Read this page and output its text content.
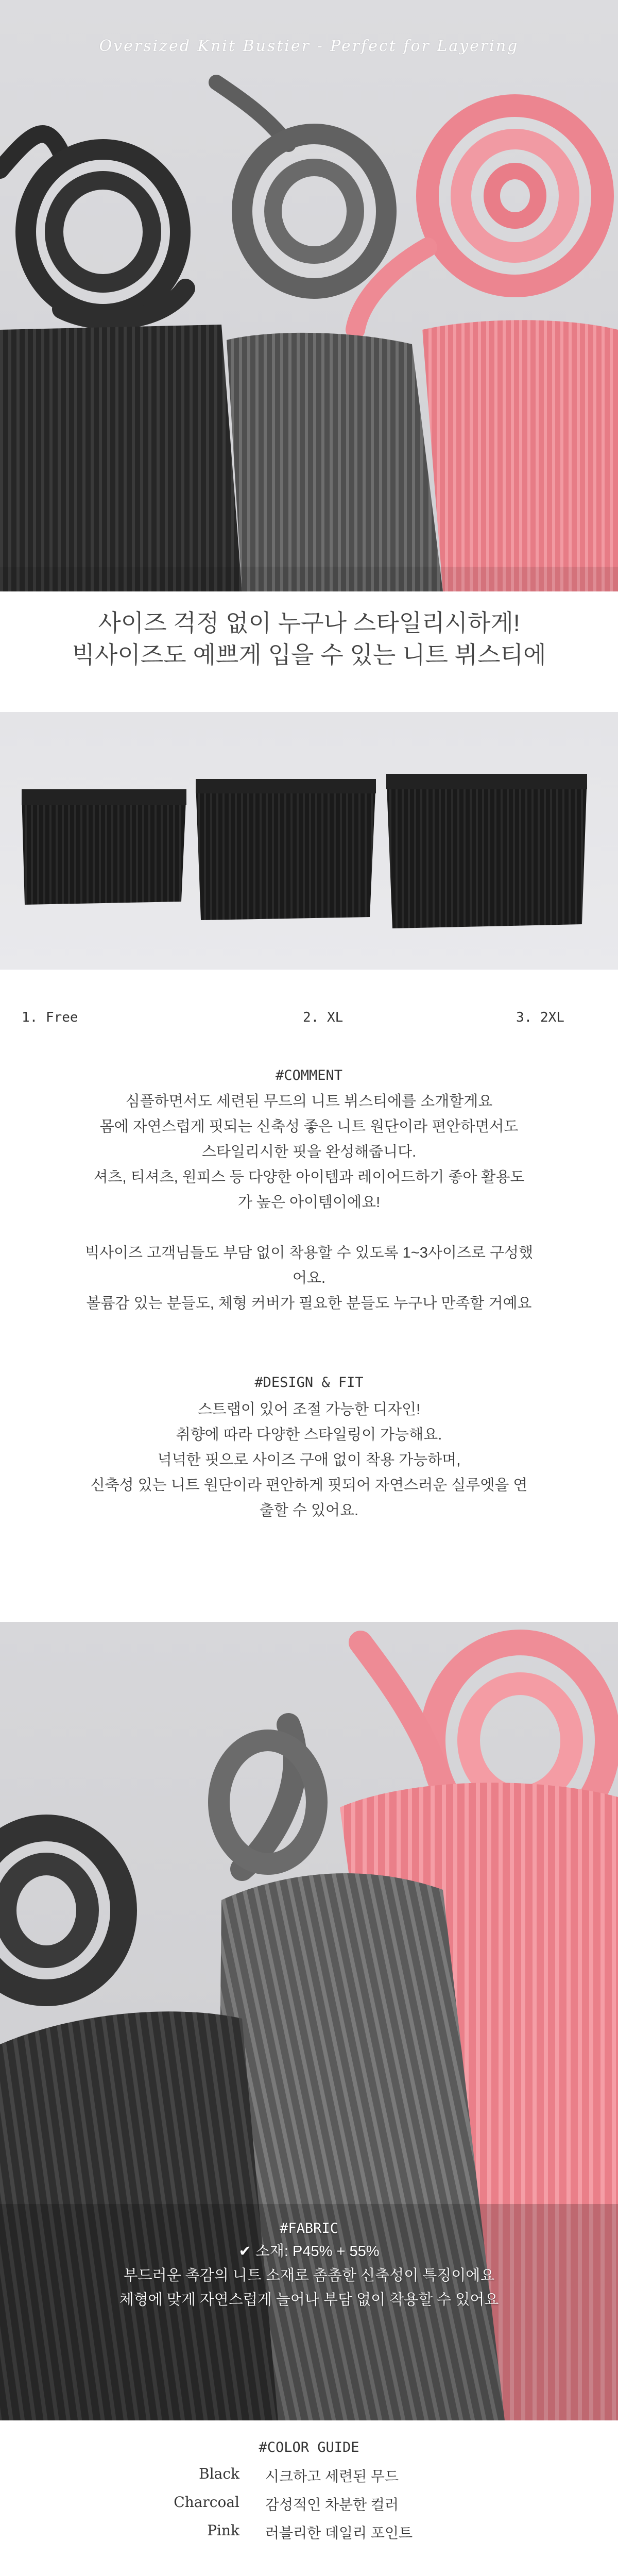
Oversized Knit Bustier - Perfect for Layering
사이즈 걱정 없이 누구나 스타일리시하게!
빅사이즈도 예쁘게 입을 수 있는 니트 뷔스티에
1. Free	2. XL	3. 2XL
#COMMENT
심플하면서도 세련된 무드의 니트 뷔스티에를 소개할게요
몸에 자연스럽게 핏되는 신축성 좋은 니트 원단이라 편안하면서도
스타일리시한 핏을 완성해줍니다.
셔츠, 티셔츠, 원피스 등 다양한 아이템과 레이어드하기 좋아 활용도
가 높은 아이템이에요!
빅사이즈 고객님들도 부담 없이 착용할 수 있도록 1~3사이즈로 구성했
어요.
볼륨감 있는 분들도, 체형 커버가 필요한 분들도 누구나 만족할 거예요
#DESIGN & FIT
스트랩이 있어 조절 가능한 디자인!
취향에 따라 다양한 스타일링이 가능해요.
넉넉한 핏으로 사이즈 구애 없이 착용 가능하며,
신축성 있는 니트 원단이라 편안하게 핏되어 자연스러운 실루엣을 연
출할 수 있어요.
#FABRIC
✔ 소재: P45% + 55%
부드러운 촉감의 니트 소재로 촘촘한 신축성이 특징이에요
체형에 맞게 자연스럽게 늘어나 부담 없이 착용할 수 있어요
#COLOR GUIDE
Black 시크하고 세련된 무드
Charcoal 감성적인 차분한 컬러
Pink 러블리한 데일리 포인트
